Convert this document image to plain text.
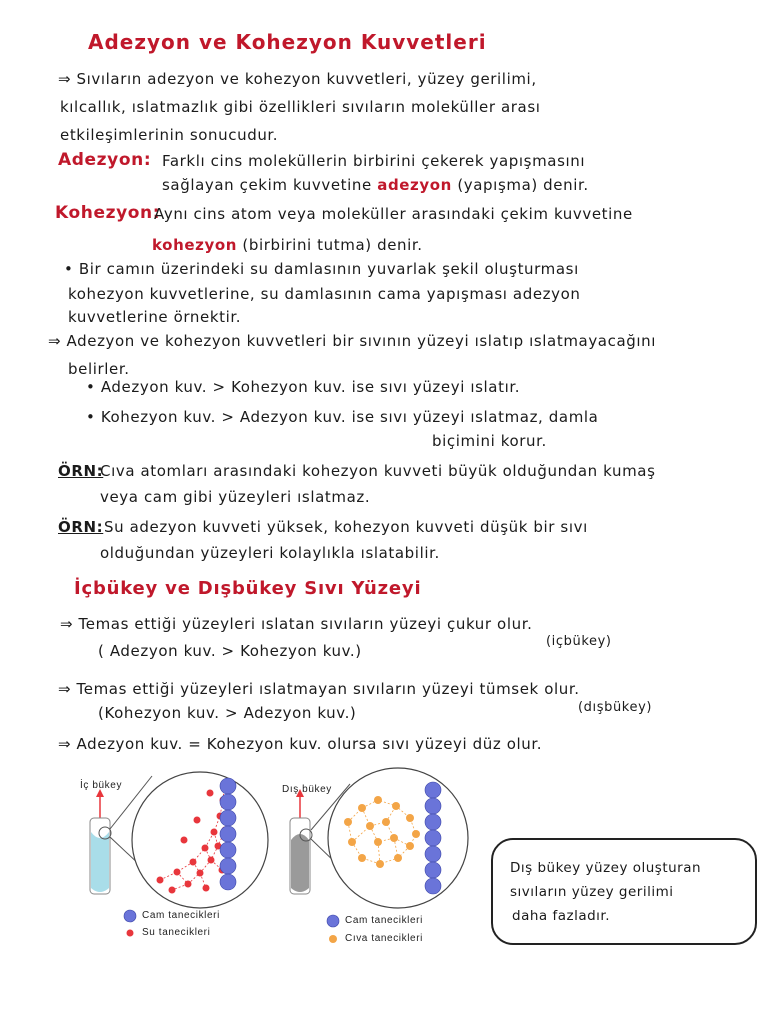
Adezyon ve Kohezyon Kuvvetleri
⇒ Sıvıların adezyon ve kohezyon kuvvetleri, yüzey gerilimi,
kılcallık, ıslatmazlık gibi özellikleri sıvıların moleküller arası
etkileşimlerinin sonucudur.
Adezyon: Farklı cins moleküllerin birbirini çekerek yapışmasını
sağlayan çekim kuvvetine adezyon (yapışma) denir.
Kohezyon:
Aynı cins atom veya moleküller arasındaki çekim kuvvetine
kohezyon (birbirini tutma) denir.
• Bir camın üzerindeki su damlasının yuvarlak şekil oluşturması
kohezyon kuvvetlerine, su damlasının cama yapışması adezyon
kuvvetlerine örnektir.
⇒ Adezyon ve kohezyon kuvvetleri bir sıvının yüzeyi ıslatıp ıslatmayacağını
belirler.
• Adezyon kuv. > Kohezyon kuv. ise sıvı yüzeyi ıslatır.
• Kohezyon kuv. > Adezyon kuv. ise sıvı yüzeyi ıslatmaz, damla
biçimini korur.
ÖRN:
Cıva atomları arasındaki kohezyon kuvveti büyük olduğundan kumaş
veya cam gibi yüzeyleri ıslatmaz.
ÖRN: Su adezyon kuvveti yüksek, kohezyon kuvveti düşük bir sıvı
olduğundan yüzeyleri kolaylıkla ıslatabilir.
İçbükey ve Dışbükey Sıvı Yüzeyi
⇒ Temas ettiği yüzeyleri ıslatan sıvıların yüzeyi çukur olur.
(içbükey)
( Adezyon kuv. > Kohezyon kuv.)
⇒ Temas ettiği yüzeyleri ıslatmayan sıvıların yüzeyi tümsek olur.
(dışbükey)
(Kohezyon kuv. > Adezyon kuv.)
⇒ Adezyon kuv. = Kohezyon kuv. olursa sıvı yüzeyi düz olur.
İç bükey	Dış bükey
Cam tanecikleri
Su tanecikleri
Cam tanecikleri
Cıva tanecikleri
Dış bükey yüzey oluşturan
sıvıların yüzey gerilimi
daha fazladır.
